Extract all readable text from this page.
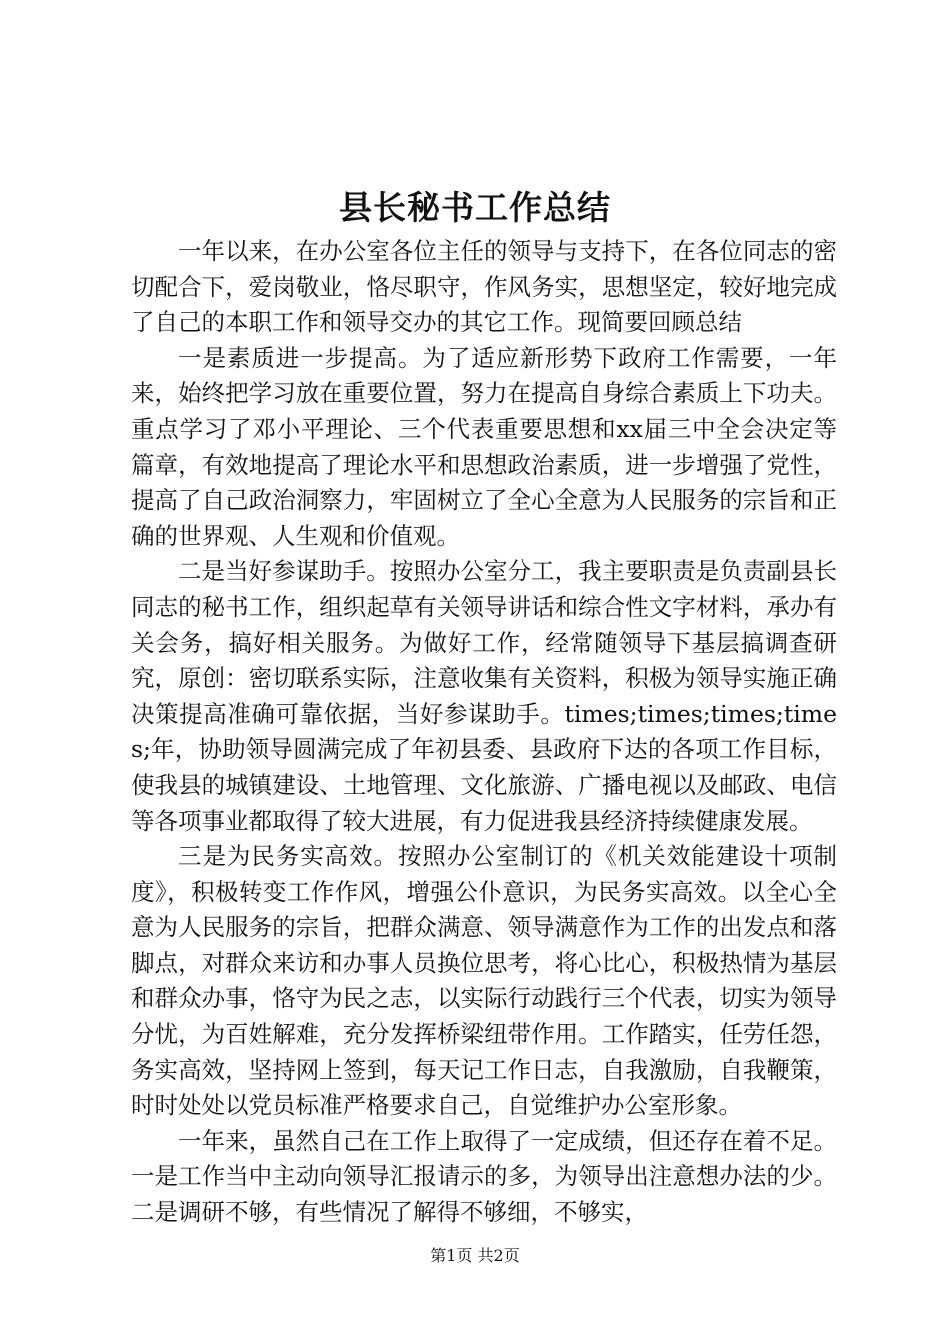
县长秘书工作总结

一年以来，在办公室各位主任的领导与支持下，在各位同志的密切配合下，爱岗敬业，恪尽职守，作风务实，思想坚定，较好地完成了自己的本职工作和领导交办的其它工作。现简要回顾总结

一是素质进一步提高。为了适应新形势下政府工作需要，一年来，始终把学习放在重要位置，努力在提高自身综合素质上下功夫。重点学习了邓小平理论、三个代表重要思想和xx届三中全会决定等篇章，有效地提高了理论水平和思想政治素质，进一步增强了党性，提高了自己政治洞察力，牢固树立了全心全意为人民服务的宗旨和正确的世界观、人生观和价值观。

二是当好参谋助手。按照办公室分工，我主要职责是负责副县长同志的秘书工作，组织起草有关领导讲话和综合性文字材料，承办有关会务，搞好相关服务。为做好工作，经常随领导下基层搞调查研究，原创：密切联系实际，注意收集有关资料，积极为领导实施正确决策提高准确可靠依据，当好参谋助手。times;times;times;times;年，协助领导圆满完成了年初县委、县政府下达的各项工作目标，使我县的城镇建设、土地管理、文化旅游、广播电视以及邮政、电信等各项事业都取得了较大进展，有力促进我县经济持续健康发展。

三是为民务实高效。按照办公室制订的《机关效能建设十项制度》，积极转变工作作风，增强公仆意识，为民务实高效。以全心全意为人民服务的宗旨，把群众满意、领导满意作为工作的出发点和落脚点，对群众来访和办事人员换位思考，将心比心，积极热情为基层和群众办事，恪守为民之志，以实际行动践行三个代表，切实为领导分忧，为百姓解难，充分发挥桥梁纽带作用。工作踏实，任劳任怨，务实高效，坚持网上签到，每天记工作日志，自我激励，自我鞭策，时时处处以党员标准严格要求自己，自觉维护办公室形象。

一年来，虽然自己在工作上取得了一定成绩，但还存在着不足。一是工作当中主动向领导汇报请示的多，为领导出注意想办法的少。二是调研不够，有些情况了解得不够细，不够实，

第1页 共2页
